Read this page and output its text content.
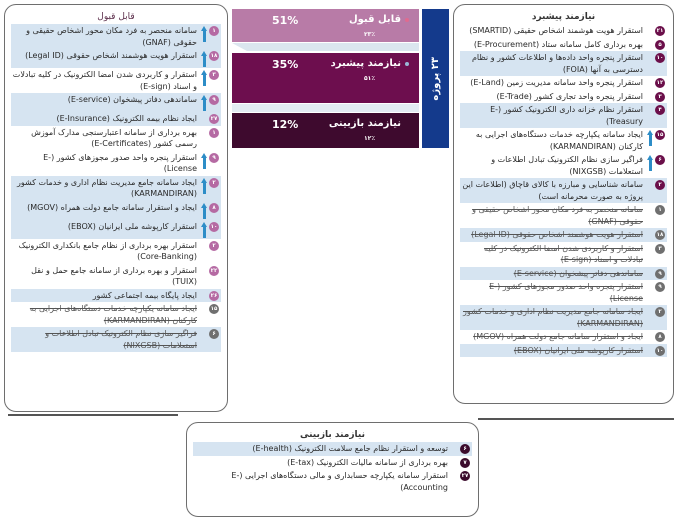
قابل قبول
۱
سامانه منحصر به فرد مکان محور اشخاص حقیقی و حقوقی (GNAF)
۱۸
استقرار هویت هوشمند اشخاص حقوقی (Legal ID)
۳
استقرار و کاربردی شدن امضا الکترونیک در کلیه تبادلات و اسناد (E-sign)
۹
ساماندهی دفاتر پیشخوان (E-service)
۲۷
ایجاد نظام بیمه الکترونیک (E-Insurance)
۱
بهره برداری از سامانه اعتبارسنجی مدارک آموزش رسمی کشور (E-Certificates)
۹
استقرار پنجره واحد صدور مجوزهای کشور (E-License)
۲
ایجاد سامانه جامع مدیریت نظام اداری و خدمات کشور (KARMANDIRAN)
۸
ایجاد و استقرار سامانه جامع دولت همراه (MGOV)
۱۰
استقرار کارپوشه ملی ایرانیان (EBOX)
۲
استقرار بهره برداری از نظام جامع بانکداری الکترونیک (Core-Banking)
۲۲
استقرار و بهره برداری از سامانه جامع حمل و نقل (TUIX)
۲۶
ایجاد پایگاه بیمه اجتماعی کشور
۱۵
ایجاد سامانه یکپارچه خدمات دستگاه‌های اجرایی به کارکنان (KARMANDIRAN)
۶
فراگیر سازی نظام الکترونیک تبادل اطلاعات و استعلامات (NIXGSB)
قابل قبول
۲۳٪
51%
نیازمند پیشبرد
۵۱٪
35%
نیازمند بازبینی
۱۲٪
12%
۲۳ پروژه
نیازمند پیشبرد
۲۱
استقرار هویت هوشمند اشخاص حقیقی (SMARTID)
۵
بهره برداری کامل سامانه ستاد (E-Procurement)
۱۰
استقرار پنجره واحد داده‌ها و اطلاعات کشور و نظام دسترسی به آنها (FOIA)
۱۲
استقرار پنجره واحد سامانه مدیریت زمین (E-Land)
۳
استقرار پنجره واحد تجاری کشور (E-Trade)
۴
استقرار نظام خزانه داری الکترونیک کشور (E-Treasury)
۱۵
ایجاد سامانه یکپارچه خدمات دستگاه‌های اجرایی به کارکنان (KARMANDIRAN)
۶
فراگیر سازی نظام الکترونیک تبادل اطلاعات و استعلامات (NIXGSB)
۲
سامانه شناسایی و مبارزه با کالای قاچاق (اطلاعات این پروژه به صورت محرمانه است)
۱
سامانه منحصر به فرد مکان محور اشخاص حقیقی و حقوقی (GNAF)
۱۸
استقرار هویت هوشمند اشخاص حقوقی (Legal ID)
۳
استقرار و کاربردی شدن امضا الکترونیک در کلیه تبادلات و اسناد (E-sign)
۹
ساماندهی دفاتر پیشخوان (E-service)
۹
استقرار پنجره واحد صدور مجوزهای کشور (E-License)
۲
ایجاد سامانه جامع مدیریت نظام اداری و خدمات کشور (KARMANDIRAN)
۸
ایجاد و استقرار سامانه جامع دولت همراه (MGOV)
۱۰
استقرار کارپوشه ملی ایرانیان (EBOX)
نیازمند بازبینی
۶
توسعه و استقرار نظام جامع سلامت الکترونیک (E-health)
۷
بهره برداری از سامانه مالیات الکترونیک (E-tax)
۲۷
استقرار سامانه یکپارچه حسابداری و مالی دستگاه‌های اجرایی (E-Accounting)
